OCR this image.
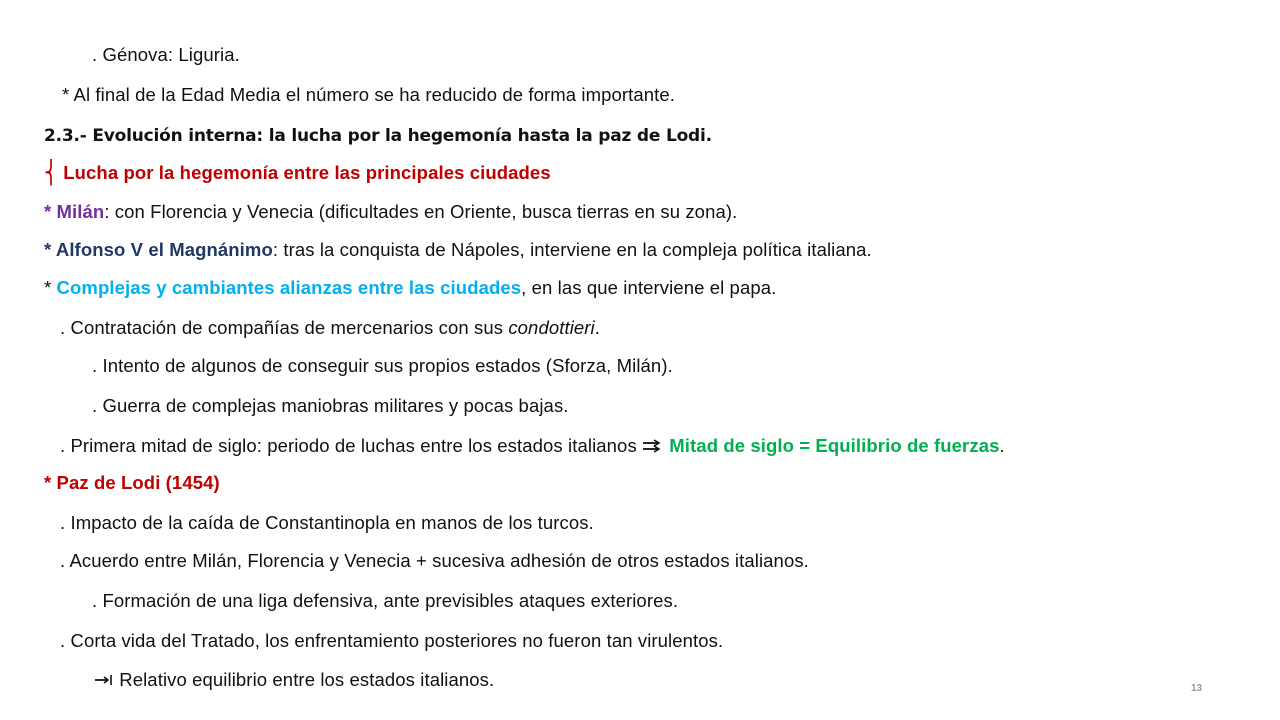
. Génova: Liguria.
* Al final de la Edad Media el número se ha reducido de forma importante.
2.3.- Evolución interna: la lucha por la hegemonía hasta la paz de Lodi.
⎨ Lucha por la hegemonía entre las principales ciudades
* Milán: con Florencia y Venecia (dificultades en Oriente, busca tierras en su zona).
* Alfonso V el Magnánimo: tras la conquista de Nápoles, interviene en la compleja política italiana.
* Complejas y cambiantes alianzas entre las ciudades, en las que interviene el papa.
. Contratación de compañías de mercenarios con sus condottieri.
. Intento de algunos de conseguir sus propios estados (Sforza, Milán).
. Guerra de complejas maniobras militares y pocas bajas.
. Primera mitad de siglo: periodo de luchas entre los estados italianos  Mitad de siglo = Equilibrio de fuerzas.
* Paz de Lodi (1454)
. Impacto de la caída de Constantinopla en manos de los turcos.
. Acuerdo entre Milán, Florencia y Venecia + sucesiva adhesión de otros estados italianos.
. Formación de una liga defensiva, ante previsibles ataques exteriores.
. Corta vida del Tratado, los enfrentamiento posteriores no fueron tan virulentos.
Relativo equilibrio entre los estados italianos.	13
